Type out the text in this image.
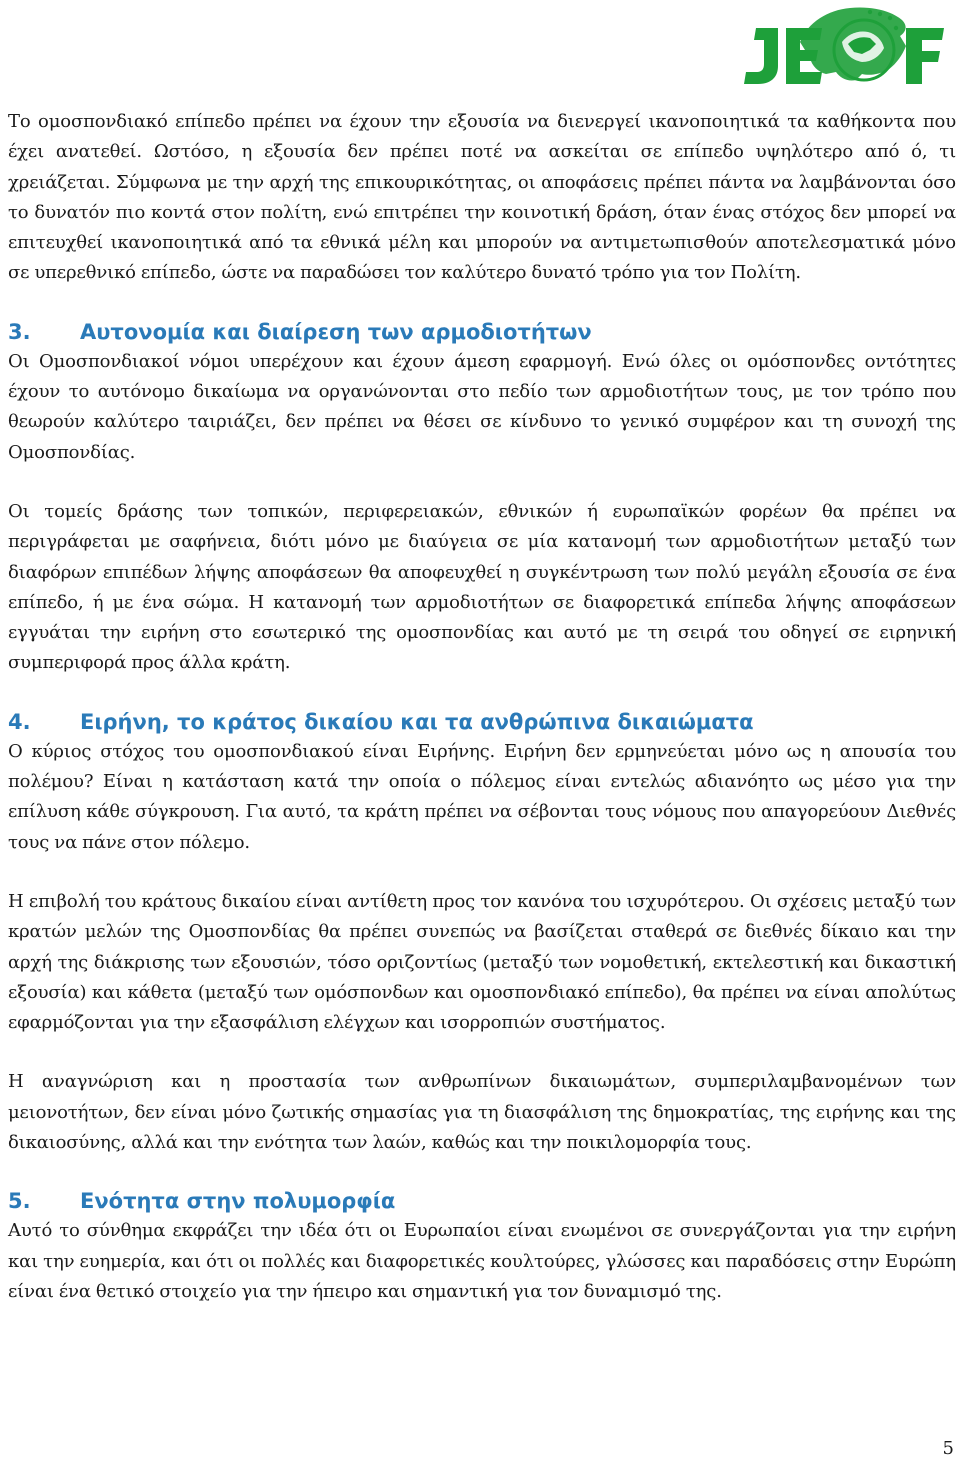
Το ομοσπονδιακό επίπεδο πρέπει να έχουν την εξουσία να διενεργεί ικανοποιητικά τα καθήκοντα που έχει ανατεθεί. Ωστόσο, η εξουσία δεν πρέπει ποτέ να ασκείται σε επίπεδο υψηλότερο από ό, τι χρειάζεται. Σύμφωνα με την αρχή της επικουρικότητας, οι αποφάσεις πρέπει πάντα να λαμβάνονται όσο το δυνατόν πιο κοντά στον πολίτη, ενώ επιτρέπει την κοινοτική δράση, όταν ένας στόχος δεν μπορεί να επιτευχθεί ικανοποιητικά από τα εθνικά μέλη και μπορούν να αντιμετωπισθούν αποτελεσματικά μόνο σε υπερεθνικό επίπεδο, ώστε να παραδώσει τον καλύτερο δυνατό τρόπο για τον Πολίτη.

3.	Αυτονομία και διαίρεση των αρμοδιοτήτων

Οι Ομοσπονδιακοί νόμοι υπερέχουν και έχουν άμεση εφαρμογή. Ενώ όλες οι ομόσπονδες οντότητες έχουν το αυτόνομο δικαίωμα να οργανώνονται στο πεδίο των αρμοδιοτήτων τους, με τον τρόπο που θεωρούν καλύτερο ταιριάζει, δεν πρέπει να θέσει σε κίνδυνο το γενικό συμφέρον και τη συνοχή της Ομοσπονδίας.

Οι τομείς δράσης των τοπικών, περιφερειακών, εθνικών ή ευρωπαϊκών φορέων θα πρέπει να περιγράφεται με σαφήνεια, διότι μόνο με διαύγεια σε μία κατανομή των αρμοδιοτήτων μεταξύ των διαφόρων επιπέδων λήψης αποφάσεων θα αποφευχθεί η συγκέντρωση των πολύ μεγάλη εξουσία σε ένα επίπεδο, ή με ένα σώμα. Η κατανομή των αρμοδιοτήτων σε διαφορετικά επίπεδα λήψης αποφάσεων εγγυάται την ειρήνη στο εσωτερικό της ομοσπονδίας και αυτό με τη σειρά του οδηγεί σε ειρηνική συμπεριφορά προς άλλα κράτη.

4.	Ειρήνη, το κράτος δικαίου και τα ανθρώπινα δικαιώματα

Ο κύριος στόχος του ομοσπονδιακού είναι Ειρήνης. Ειρήνη δεν ερμηνεύεται μόνο ως η απουσία του πολέμου? Είναι η κατάσταση κατά την οποία ο πόλεμος είναι εντελώς αδιανόητο ως μέσο για την επίλυση κάθε σύγκρουση. Για αυτό, τα κράτη πρέπει να σέβονται τους νόμους που απαγορεύουν Διεθνές τους να πάνε στον πόλεμο.

Η επιβολή του κράτους δικαίου είναι αντίθετη προς τον κανόνα του ισχυρότερου. Οι σχέσεις μεταξύ των κρατών μελών της Ομοσπονδίας θα πρέπει συνεπώς να βασίζεται σταθερά σε διεθνές δίκαιο και την αρχή της διάκρισης των εξουσιών, τόσο οριζοντίως (μεταξύ των νομοθετική, εκτελεστική και δικαστική εξουσία) και κάθετα (μεταξύ των ομόσπονδων και ομοσπονδιακό επίπεδο), θα πρέπει να είναι απολύτως εφαρμόζονται για την εξασφάλιση ελέγχων και ισορροπιών συστήματος.

Η αναγνώριση και η προστασία των ανθρωπίνων δικαιωμάτων, συμπεριλαμβανομένων των μειονοτήτων, δεν είναι μόνο ζωτικής σημασίας για τη διασφάλιση της δημοκρατίας, της ειρήνης και της δικαιοσύνης, αλλά και την ενότητα των λαών, καθώς και την ποικιλομορφία τους.

5.	Ενότητα στην πολυμορφία

Αυτό το σύνθημα εκφράζει την ιδέα ότι οι Ευρωπαίοι είναι ενωμένοι σε συνεργάζονται για την ειρήνη και την ευημερία, και ότι οι πολλές και διαφορετικές κουλτούρες, γλώσσες και παραδόσεις στην Ευρώπη είναι ένα θετικό στοιχείο για την ήπειρο και σημαντική για τον δυναμισμό της.

5
